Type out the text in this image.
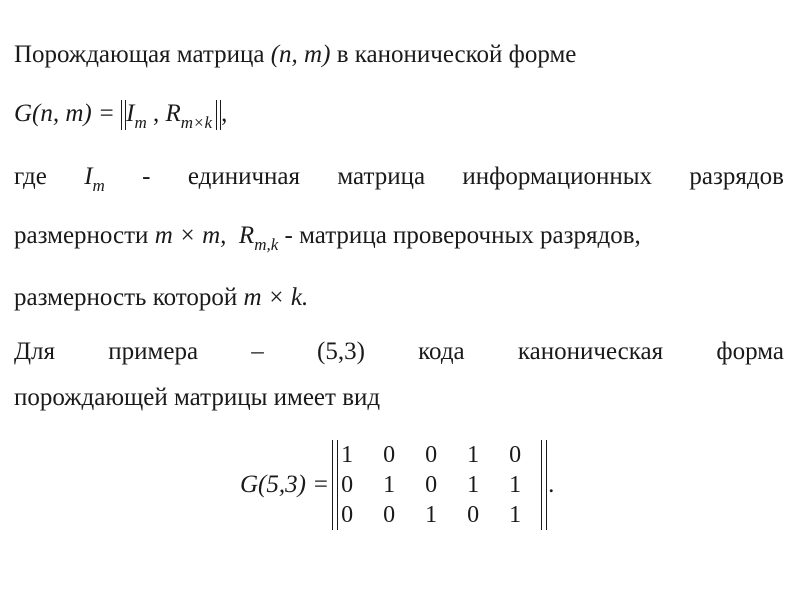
Порождающая матрица (n, m) в канонической форме
G(n, $m) = I_m$ , $R_{m\times k}$ ,
где $I_m$ - единичная матрица информационных разрядов
размерности m × m, $R_{m,k}$ - матрица проверочных разрядов,
размерность которой m × k.
Для примера – (5,3) кода каноническая форма
порождающей матрицы имеет вид
G(5,3) =
1 0 0 1 0
0 1 0 1 1
0 0 1 0 1
.
